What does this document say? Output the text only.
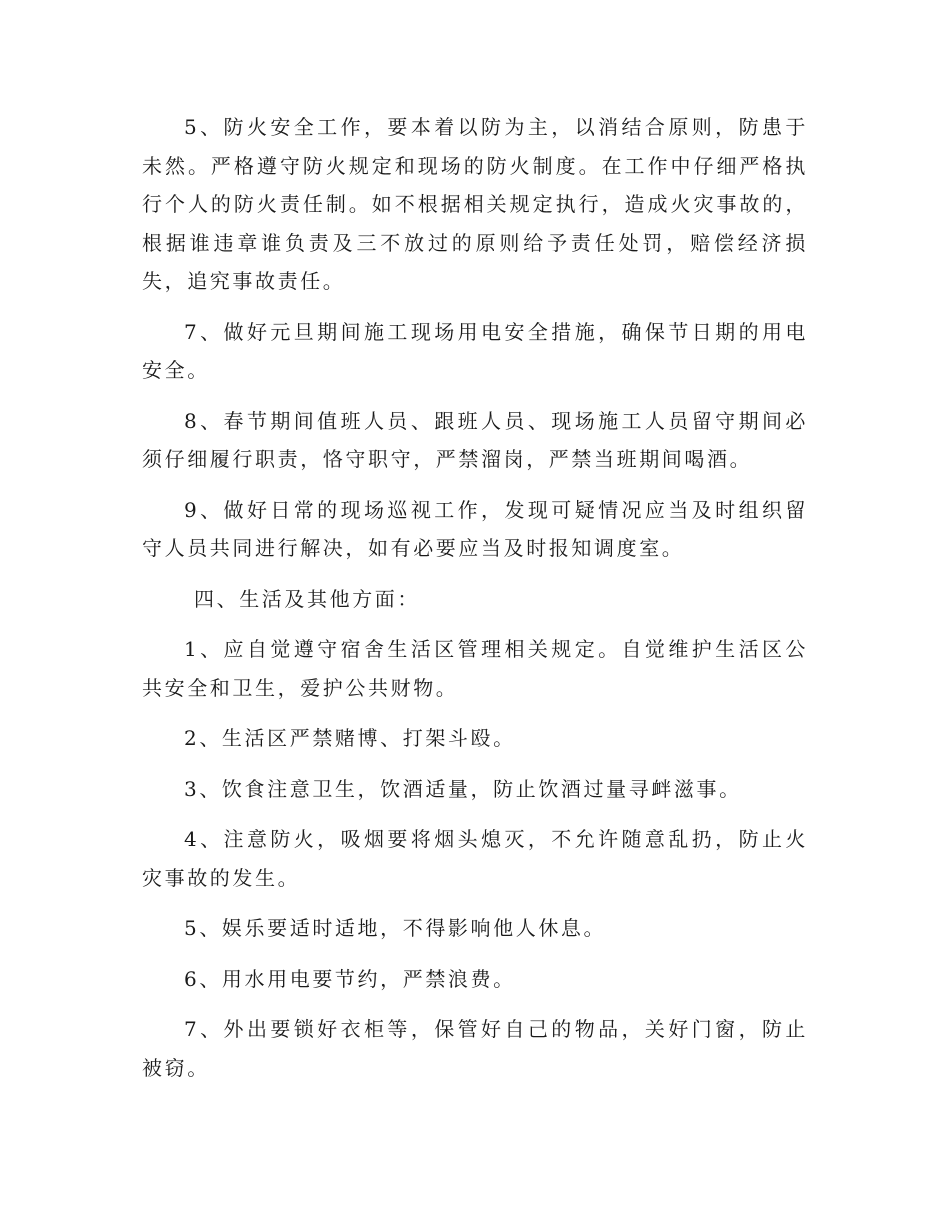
5、防火安全工作，要本着以防为主，以消结合原则，防患于未然。严格遵守防火规定和现场的防火制度。在工作中仔细严格执行个人的防火责任制。如不根据相关规定执行，造成火灾事故的，根据谁违章谁负责及三不放过的原则给予责任处罚，赔偿经济损失，追究事故责任。

7、做好元旦期间施工现场用电安全措施，确保节日期的用电安全。

8、春节期间值班人员、跟班人员、现场施工人员留守期间必须仔细履行职责，恪守职守，严禁溜岗，严禁当班期间喝酒。

9、做好日常的现场巡视工作，发现可疑情况应当及时组织留守人员共同进行解决，如有必要应当及时报知调度室。

四、生活及其他方面：

1、应自觉遵守宿舍生活区管理相关规定。自觉维护生活区公共安全和卫生，爱护公共财物。

2、生活区严禁赌博、打架斗殴。

3、饮食注意卫生，饮酒适量，防止饮酒过量寻衅滋事。

4、注意防火，吸烟要将烟头熄灭，不允许随意乱扔，防止火灾事故的发生。

5、娱乐要适时适地，不得影响他人休息。

6、用水用电要节约，严禁浪费。

7、外出要锁好衣柜等，保管好自己的物品，关好门窗，防止被窃。
